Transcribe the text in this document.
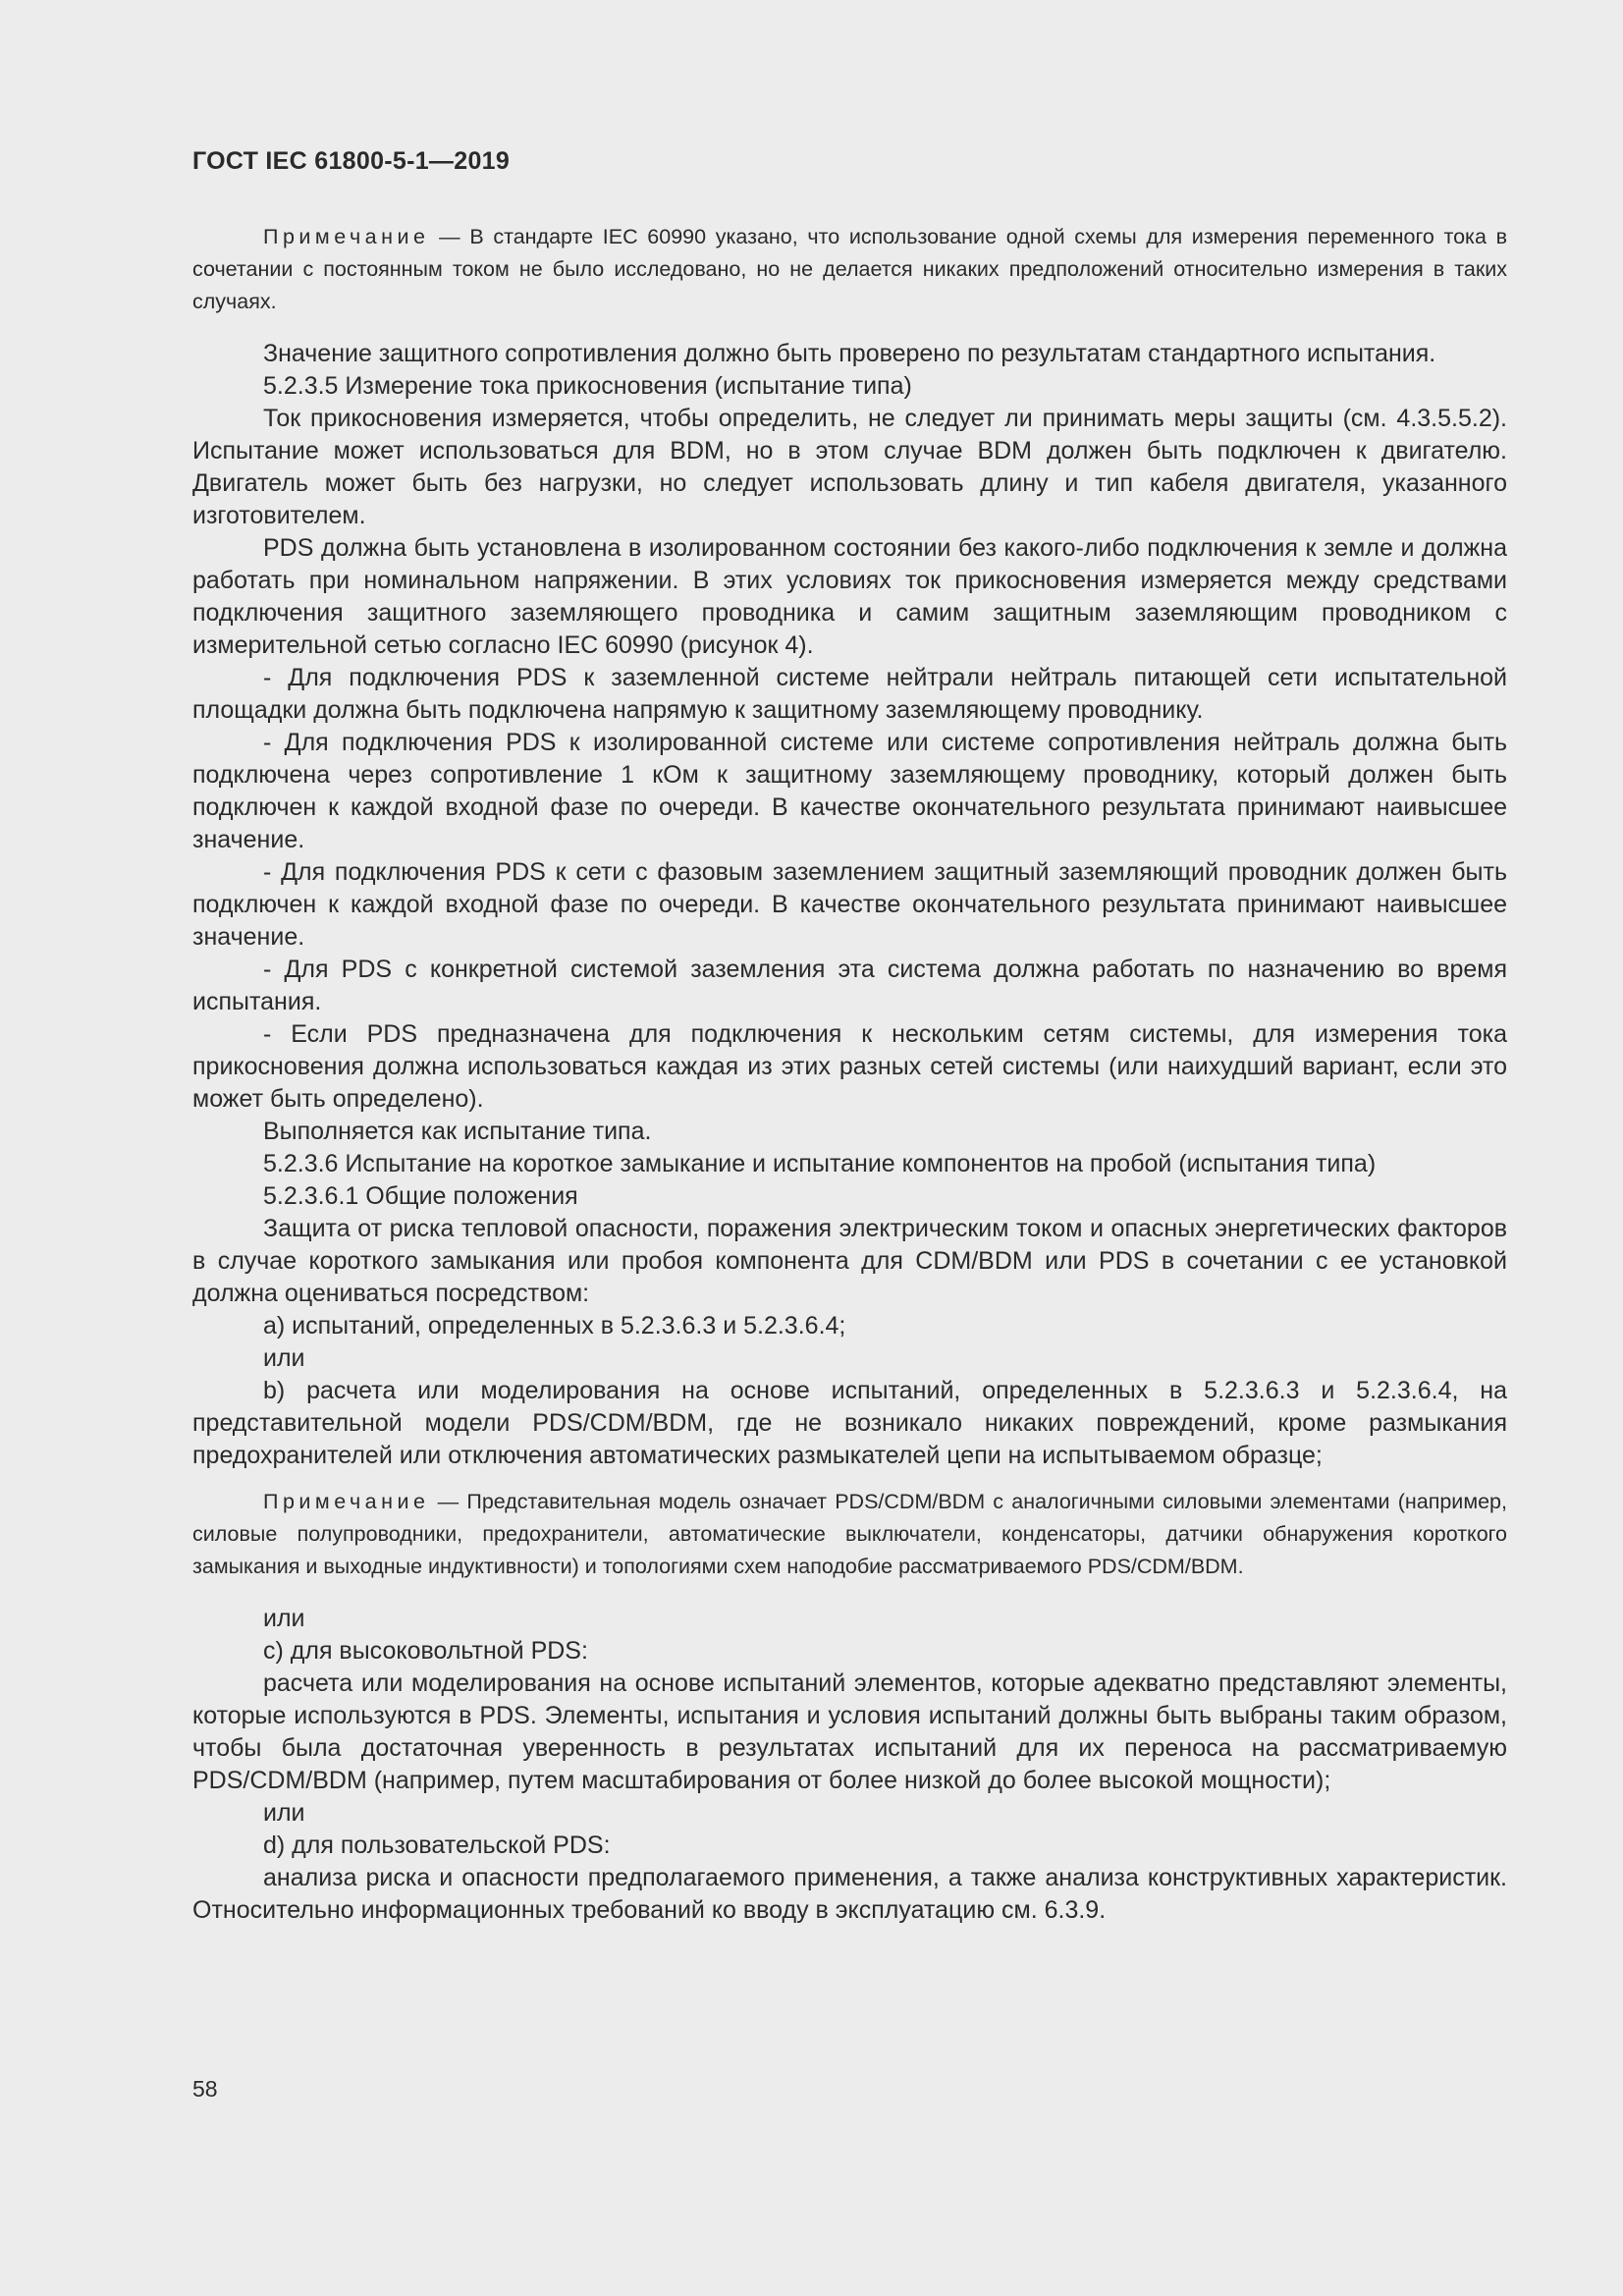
ГОСТ IEC 61800-5-1—2019

Примечание — В стандарте IEC 60990 указано, что использование одной схемы для измерения переменного тока в сочетании с постоянным током не было исследовано, но не делается никаких предположений относительно измерения в таких случаях.

Значение защитного сопротивления должно быть проверено по результатам стандартного испытания.

5.2.3.5 Измерение тока прикосновения (испытание типа)

Ток прикосновения измеряется, чтобы определить, не следует ли принимать меры защиты (см. 4.3.5.5.2). Испытание может использоваться для BDM, но в этом случае BDM должен быть подключен к двигателю. Двигатель может быть без нагрузки, но следует использовать длину и тип кабеля двигателя, указанного изготовителем.

PDS должна быть установлена в изолированном состоянии без какого-либо подключения к земле и должна работать при номинальном напряжении. В этих условиях ток прикосновения измеряется между средствами подключения защитного заземляющего проводника и самим защитным заземляющим проводником с измерительной сетью согласно IEC 60990 (рисунок 4).

- Для подключения PDS к заземленной системе нейтрали нейтраль питающей сети испытательной площадки должна быть подключена напрямую к защитному заземляющему проводнику.

- Для подключения PDS к изолированной системе или системе сопротивления нейтраль должна быть подключена через сопротивление 1 кОм к защитному заземляющему проводнику, который должен быть подключен к каждой входной фазе по очереди. В качестве окончательного результата принимают наивысшее значение.

- Для подключения PDS к сети с фазовым заземлением защитный заземляющий проводник должен быть подключен к каждой входной фазе по очереди. В качестве окончательного результата принимают наивысшее значение.

- Для PDS с конкретной системой заземления эта система должна работать по назначению во время испытания.

- Если PDS предназначена для подключения к нескольким сетям системы, для измерения тока прикосновения должна использоваться каждая из этих разных сетей системы (или наихудший вариант, если это может быть определено).

Выполняется как испытание типа.

5.2.3.6 Испытание на короткое замыкание и испытание компонентов на пробой (испытания типа)

5.2.3.6.1 Общие положения

Защита от риска тепловой опасности, поражения электрическим током и опасных энергетических факторов в случае короткого замыкания или пробоя компонента для CDM/BDM или PDS в сочетании с ее установкой должна оцениваться посредством:

a) испытаний, определенных в 5.2.3.6.3 и 5.2.3.6.4;

или

b) расчета или моделирования на основе испытаний, определенных в 5.2.3.6.3 и 5.2.3.6.4, на представительной модели PDS/CDM/BDM, где не возникало никаких повреждений, кроме размыкания предохранителей или отключения автоматических размыкателей цепи на испытываемом образце;

Примечание — Представительная модель означает PDS/CDM/BDM с аналогичными силовыми элементами (например, силовые полупроводники, предохранители, автоматические выключатели, конденсаторы, датчики обнаружения короткого замыкания и выходные индуктивности) и топологиями схем наподобие рассматриваемого PDS/CDM/BDM.

или

c) для высоковольтной PDS:

расчета или моделирования на основе испытаний элементов, которые адекватно представляют элементы, которые используются в PDS. Элементы, испытания и условия испытаний должны быть выбраны таким образом, чтобы была достаточная уверенность в результатах испытаний для их переноса на рассматриваемую PDS/CDM/BDM (например, путем масштабирования от более низкой до более высокой мощности);

или

d) для пользовательской PDS:

анализа риска и опасности предполагаемого применения, а также анализа конструктивных характеристик. Относительно информационных требований ко вводу в эксплуатацию см. 6.3.9.

58
